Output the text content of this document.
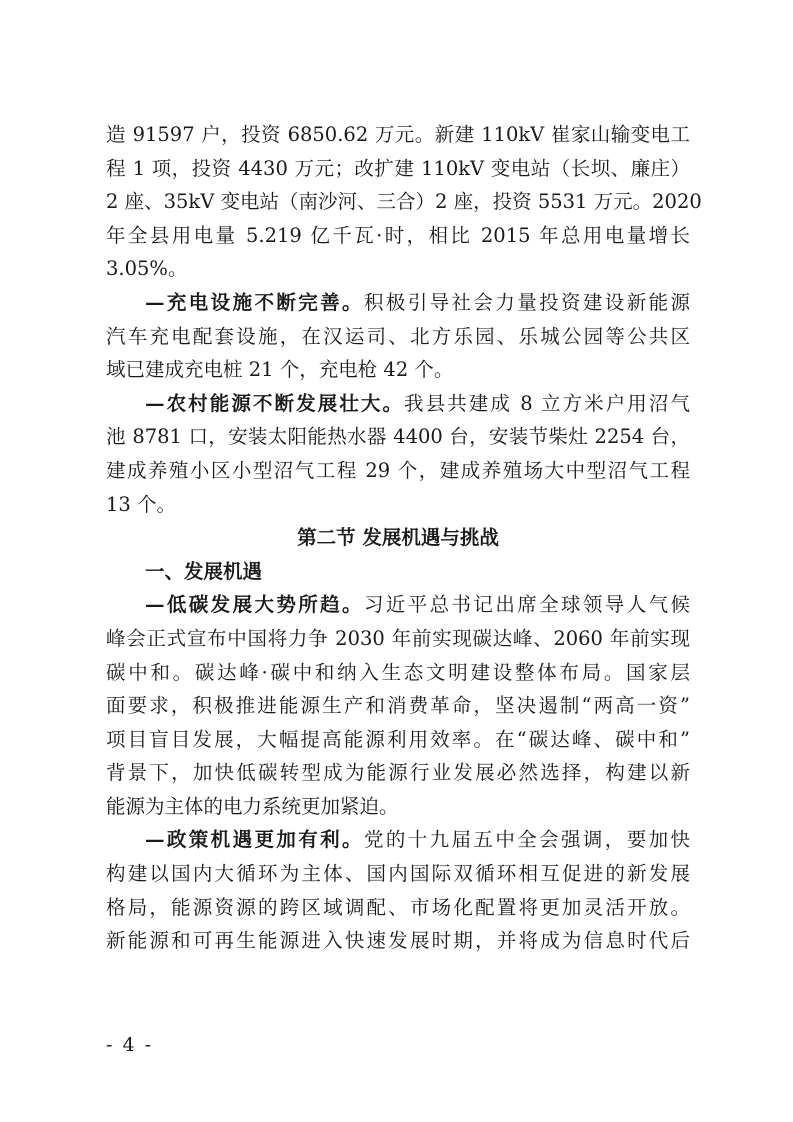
造 91597 户，投资 6850.62 万元。新建 110kV 崔家山输变电工
程 1 项，投资 4430 万元；改扩建 110kV 变电站（长坝、廉庄）
2 座、35kV 变电站（南沙河、三合）2 座，投资 5531 万元。2020
年全县用电量 5.219 亿千瓦·时，相比 2015 年总用电量增长
3.05%。
—充电设施不断完善。积极引导社会力量投资建设新能源
汽车充电配套设施，在汉运司、北方乐园、乐城公园等公共区
域已建成充电桩 21 个，充电枪 42 个。
—农村能源不断发展壮大。我县共建成 8 立方米户用沼气
池 8781 口，安装太阳能热水器 4400 台，安装节柴灶 2254 台，
建成养殖小区小型沼气工程 29 个，建成养殖场大中型沼气工程
13 个。
第二节 发展机遇与挑战
一、发展机遇
—低碳发展大势所趋。习近平总书记出席全球领导人气候
峰会正式宣布中国将力争 2030 年前实现碳达峰、2060 年前实现
碳中和。碳达峰·碳中和纳入生态文明建设整体布局。国家层
面要求，积极推进能源生产和消费革命，坚决遏制“两高一资”
项目盲目发展，大幅提高能源利用效率。在“碳达峰、碳中和”
背景下，加快低碳转型成为能源行业发展必然选择，构建以新
能源为主体的电力系统更加紧迫。
—政策机遇更加有利。党的十九届五中全会强调，要加快
构建以国内大循环为主体、国内国际双循环相互促进的新发展
格局，能源资源的跨区域调配、市场化配置将更加灵活开放。
新能源和可再生能源进入快速发展时期，并将成为信息时代后
- 4 -
